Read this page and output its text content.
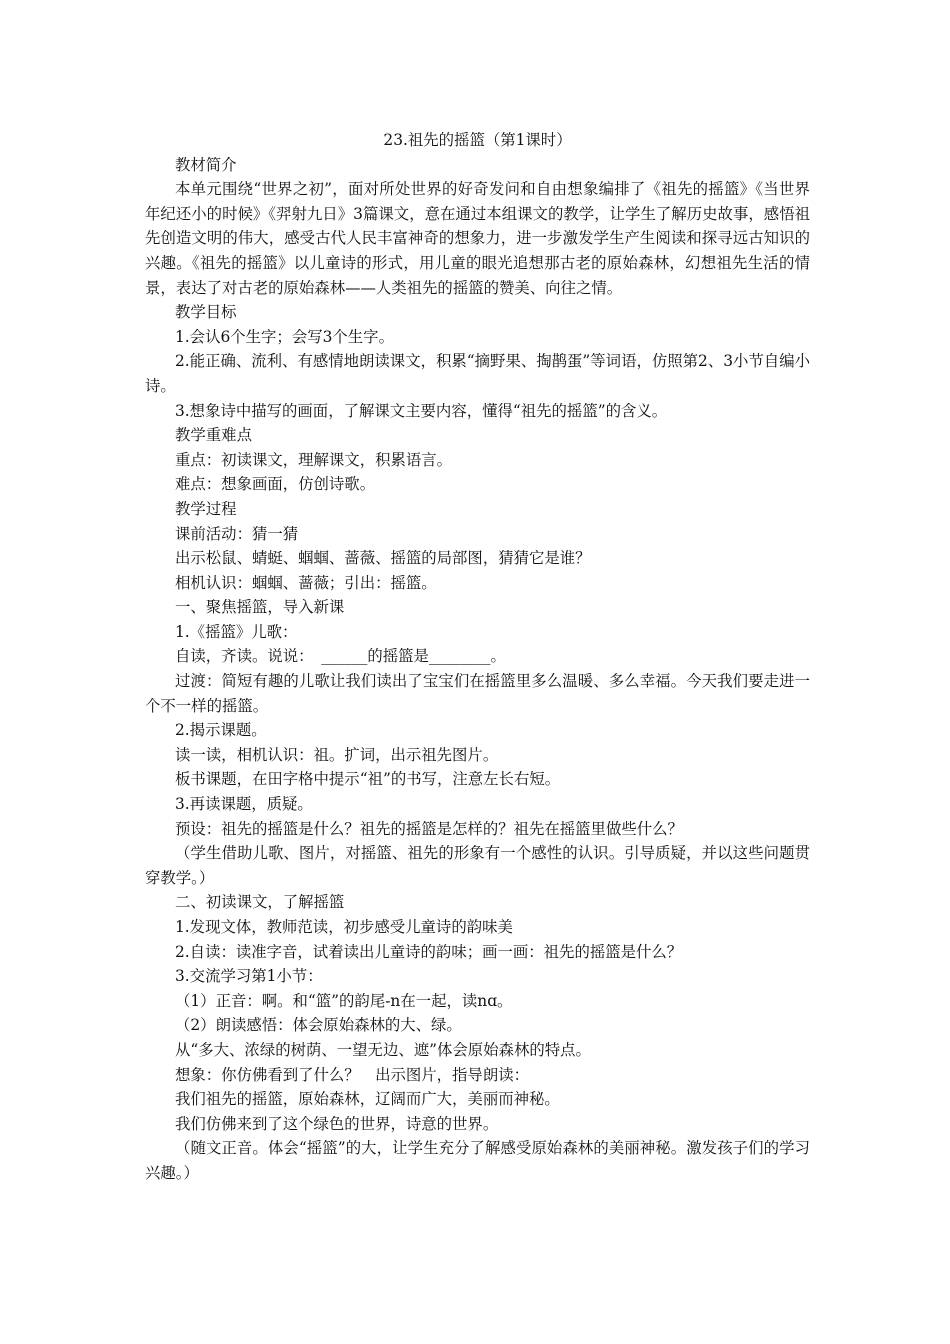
23.祖先的摇篮（第1课时）

教材简介

本单元围绕“世界之初”，面对所处世界的好奇发问和自由想象编排了《祖先的摇篮》《当世界年纪还小的时候》《羿射九日》3篇课文，意在通过本组课文的教学，让学生了解历史故事，感悟祖先创造文明的伟大，感受古代人民丰富神奇的想象力，进一步激发学生产生阅读和探寻远古知识的兴趣。《祖先的摇篮》以儿童诗的形式，用儿童的眼光追想那古老的原始森林，幻想祖先生活的情景，表达了对古老的原始森林——人类祖先的摇篮的赞美、向往之情。

教学目标

1.会认6个生字；会写3个生字。

2.能正确、流利、有感情地朗读课文，积累“摘野果、掏鹊蛋”等词语，仿照第2、3小节自编小诗。

3.想象诗中描写的画面，了解课文主要内容，懂得“祖先的摇篮”的含义。

教学重难点

重点：初读课文，理解课文，积累语言。

难点：想象画面，仿创诗歌。

教学过程

课前活动：猜一猜

出示松鼠、蜻蜓、蝈蝈、蔷薇、摇篮的局部图，猜猜它是谁？

相机认识：蝈蝈、蔷薇；引出：摇篮。

一、聚焦摇篮，导入新课

1.《摇篮》儿歌：

自读，齐读。说说：　______的摇篮是________。

过渡：简短有趣的儿歌让我们读出了宝宝们在摇篮里多么温暖、多么幸福。今天我们要走进一个不一样的摇篮。

2.揭示课题。

读一读，相机认识：祖。扩词，出示祖先图片。

板书课题，在田字格中提示“祖”的书写，注意左长右短。

3.再读课题，质疑。

预设：祖先的摇篮是什么？祖先的摇篮是怎样的？祖先在摇篮里做些什么？

（学生借助儿歌、图片，对摇篮、祖先的形象有一个感性的认识。引导质疑，并以这些问题贯穿教学。）

二、初读课文，了解摇篮

1.发现文体，教师范读，初步感受儿童诗的韵味美

2.自读：读准字音，试着读出儿童诗的韵味；画一画：祖先的摇篮是什么？

3.交流学习第1小节：

（1）正音：啊。和“篮”的韵尾-n在一起，读nɑ。

（2）朗读感悟：体会原始森林的大、绿。

从“多大、浓绿的树荫、一望无边、遮”体会原始森林的特点。

想象：你仿佛看到了什么？　出示图片，指导朗读：

我们祖先的摇篮，原始森林，辽阔而广大，美丽而神秘。

我们仿佛来到了这个绿色的世界，诗意的世界。

（随文正音。体会“摇篮”的大，让学生充分了解感受原始森林的美丽神秘。激发孩子们的学习兴趣。）
